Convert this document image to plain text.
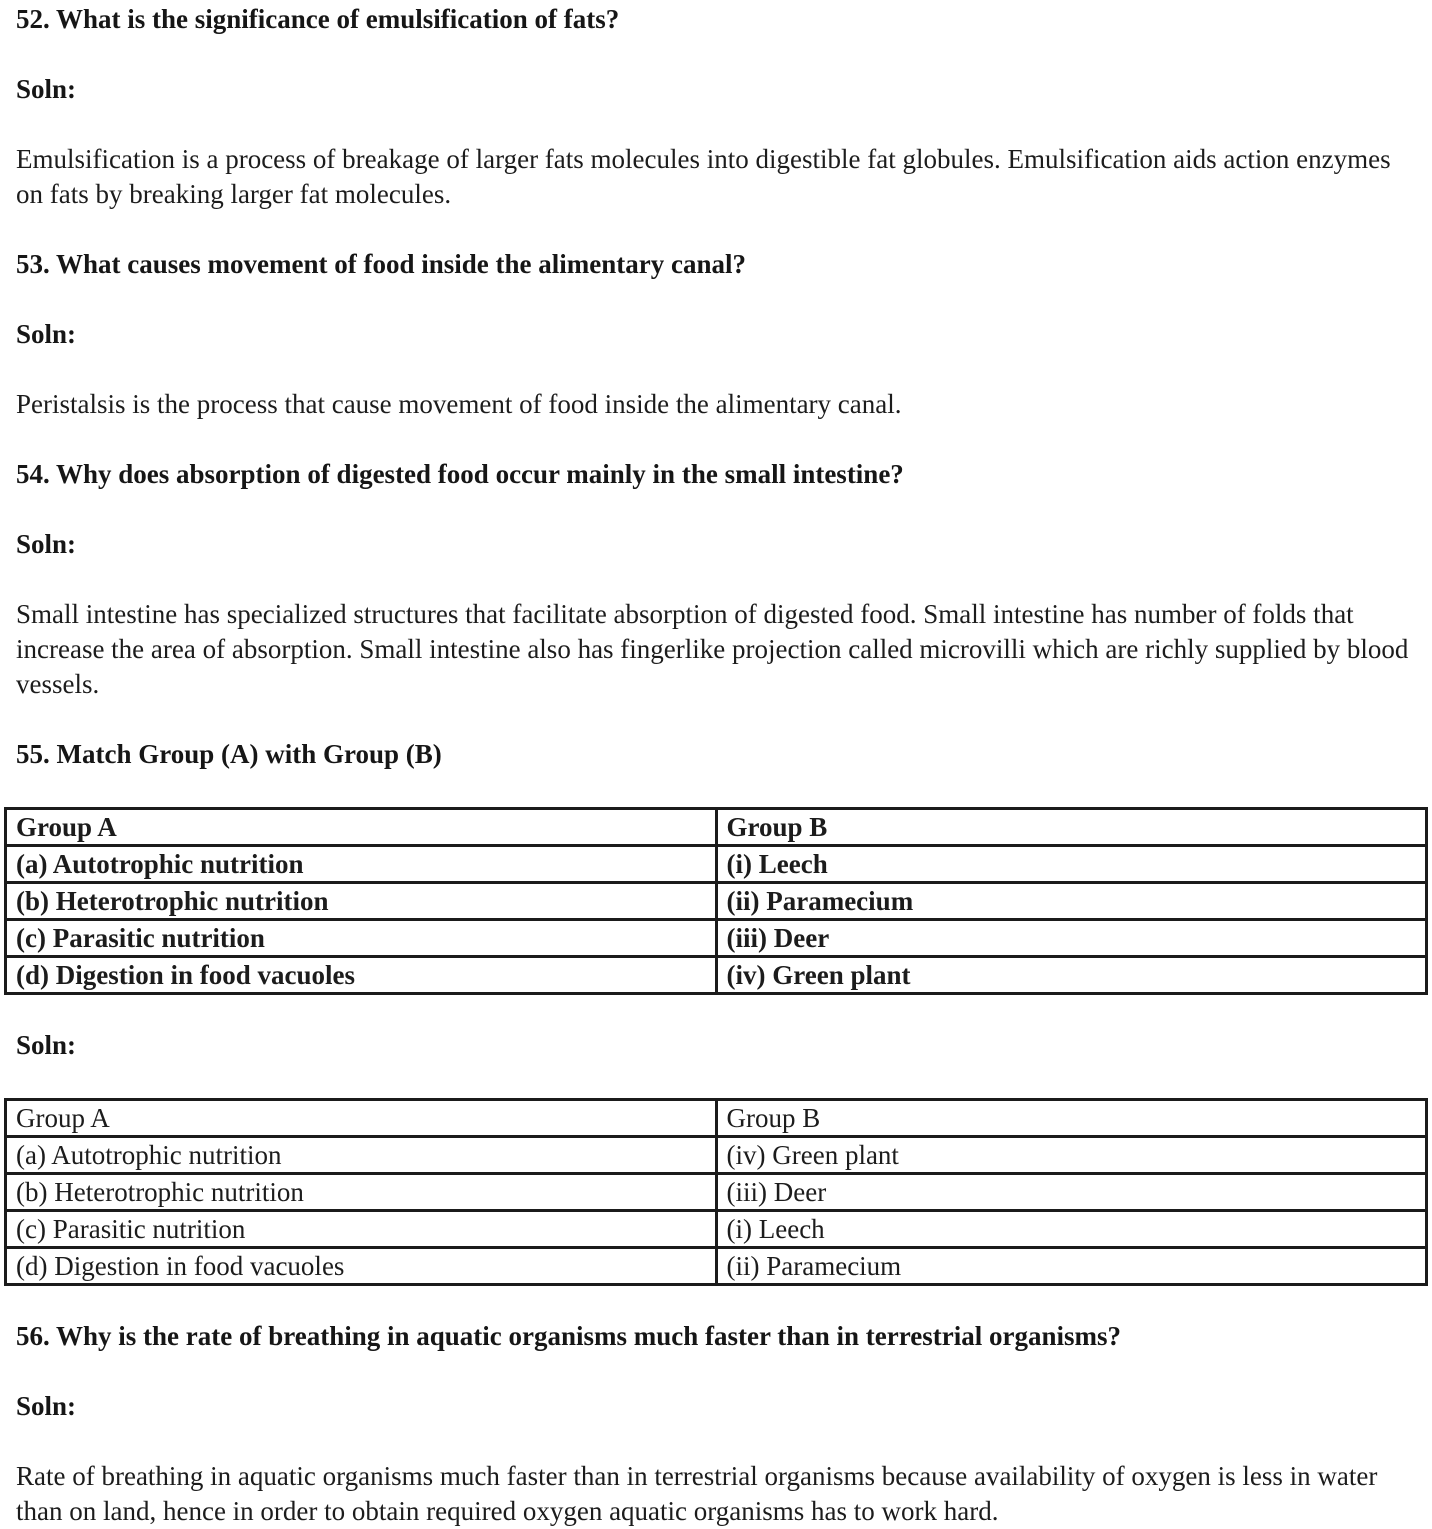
52. What is the significance of emulsification of fats?
Soln:

Emulsification is a process of breakage of larger fats molecules into digestible fat globules. Emulsification aids action enzymes on fats by breaking larger fat molecules.

53. What causes movement of food inside the alimentary canal?
Soln:

Peristalsis is the process that cause movement of food inside the alimentary canal.

54. Why does absorption of digested food occur mainly in the small intestine?
Soln:

Small intestine has specialized structures that facilitate absorption of digested food. Small intestine has number of folds that increase the area of absorption. Small intestine also has fingerlike projection called microvilli which are richly supplied by blood vessels.

55. Match Group (A) with Group (B)
Group A	Group B
(a) Autotrophic nutrition	(i) Leech
(b) Heterotrophic nutrition	(ii) Paramecium
(c) Parasitic nutrition	(iii) Deer
(d) Digestion in food vacuoles	(iv) Green plant
Soln:
Group A	Group B
(a) Autotrophic nutrition	(iv) Green plant
(b) Heterotrophic nutrition	(iii) Deer
(c) Parasitic nutrition	(i) Leech
(d) Digestion in food vacuoles	(ii) Paramecium
56. Why is the rate of breathing in aquatic organisms much faster than in terrestrial organisms?
Soln:

Rate of breathing in aquatic organisms much faster than in terrestrial organisms because availability of oxygen is less in water than on land, hence in order to obtain required oxygen aquatic organisms has to work hard.
